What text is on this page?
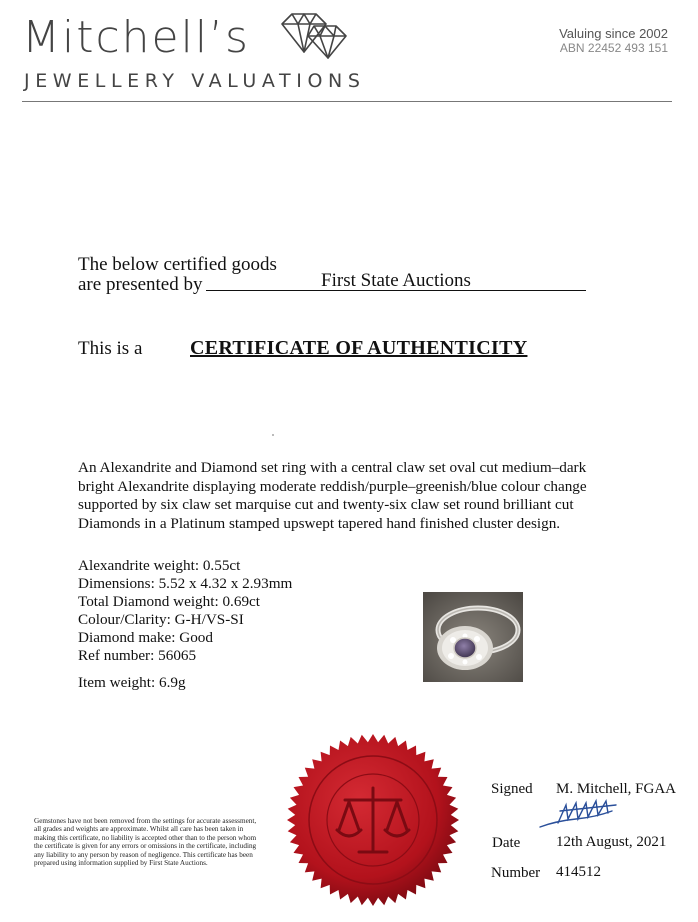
Mitchell’s
JEWELLERY VALUATIONS
Valuing since 2002
ABN 22452 493 151
The below certified goods
are presented by	First State Auctions
This is a CERTIFICATE OF AUTHENTICITY
An Alexandrite and Diamond set ring with a central claw set oval cut medium–dark bright Alexandrite displaying moderate reddish/purple–greenish/blue colour change supported by six claw set marquise cut and twenty-six claw set round brilliant cut Diamonds in a Platinum stamped upswept tapered hand finished cluster design.
Alexandrite weight: 0.55ct
Dimensions: 5.52 x 4.32 x 2.93mm
Total Diamond weight: 0.69ct
Colour/Clarity: G-H/VS-SI
Diamond make: Good
Ref number: 56065
Item weight: 6.9g
Gemstones have not been removed from the settings for accurate assessment, all grades and weights are approximate. Whilst all care has been taken in making this certificate, no liability is accepted other than to the person whom the certificate is given for any errors or omissions in the certificate, including any liability to any person by reason of negligence. This certificate has been prepared using information supplied by First State Auctions.
Signed M. Mitchell, FGAA
Date 12th August, 2021
Number 414512
